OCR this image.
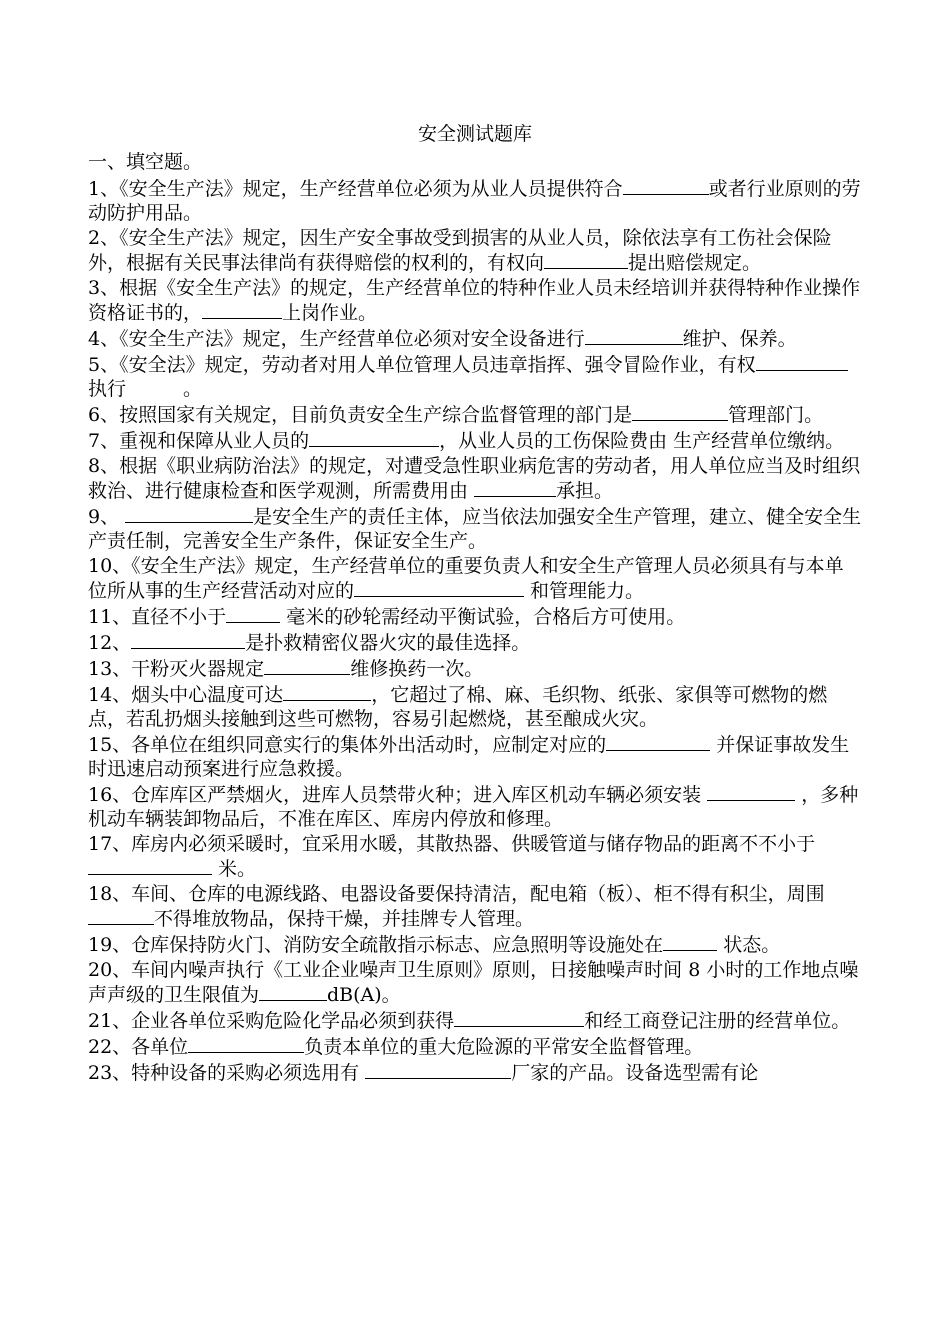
安全测试题库
一、填空题。
1、《安全生产法》规定，生产经营单位必须为从业人员提供符合	或者行业原则的劳动防护用品。
2、《安全生产法》规定，因生产安全事故受到损害的从业人员，除依法享有工伤社会保险外，根据有关民事法律尚有获得赔偿的权利的，有权向	提出赔偿规定。
3、根据《安全生产法》的规定，生产经营单位的特种作业人员未经培训并获得特种作业操作资格证书的，	上岗作业。
4、《安全生产法》规定，生产经营单位必须对安全设备进行	维护、保养。
5、《安全法》规定，劳动者对用人单位管理人员违章指挥、强令冒险作业，有权执行　　　。
6、按照国家有关规定，目前负责安全生产综合监督管理的部门是	管理部门。
7、重视和保障从业人员的	，从业人员的工伤保险费由 生产经营单位缴纳。
8、根据《职业病防治法》的规定，对遭受急性职业病危害的劳动者，用人单位应当及时组织救治、进行健康检查和医学观测，所需费用由	承担。
9、	是安全生产的责任主体，应当依法加强安全生产管理，建立、健全安全生产责任制，完善安全生产条件，保证安全生产。
10、《安全生产法》规定，生产经营单位的重要负责人和安全生产管理人员必须具有与本单位所从事的生产经营活动对应的	和管理能力。
11、直径不小于	毫米的砂轮需经动平衡试验，合格后方可使用。
12、	是扑救精密仪器火灾的最佳选择。
13、干粉灭火器规定	维修换药一次。
14、烟头中心温度可达	，它超过了棉、麻、毛织物、纸张、家俱等可燃物的燃点，若乱扔烟头接触到这些可燃物，容易引起燃烧，甚至酿成火灾。
15、各单位在组织同意实行的集体外出活动时，应制定对应的	并保证事故发生时迅速启动预案进行应急救援。
16、仓库库区严禁烟火，进库人员禁带火种；进入库区机动车辆必须安装	，多种机动车辆装卸物品后，不准在库区、库房内停放和修理。
17、库房内必须采暖时，宜采用水暖，其散热器、供暖管道与储存物品的距离不不小于  米。
18、车间、仓库的电源线路、电器设备要保持清洁，配电箱（板）、柜不得有积尘，周围不得堆放物品，保持干燥，并挂牌专人管理。
19、仓库保持防火门、消防安全疏散指示标志、应急照明等设施处在	状态。
20、车间内噪声执行《工业企业噪声卫生原则》原则，日接触噪声时间 8 小时的工作地点噪声声级的卫生限值为	dB(A)。
21、企业各单位采购危险化学品必须到获得	和经工商登记注册的经营单位。
22、各单位	负责本单位的重大危险源的平常安全监督管理。
23、特种设备的采购必须选用有	厂家的产品。设备选型需有论
